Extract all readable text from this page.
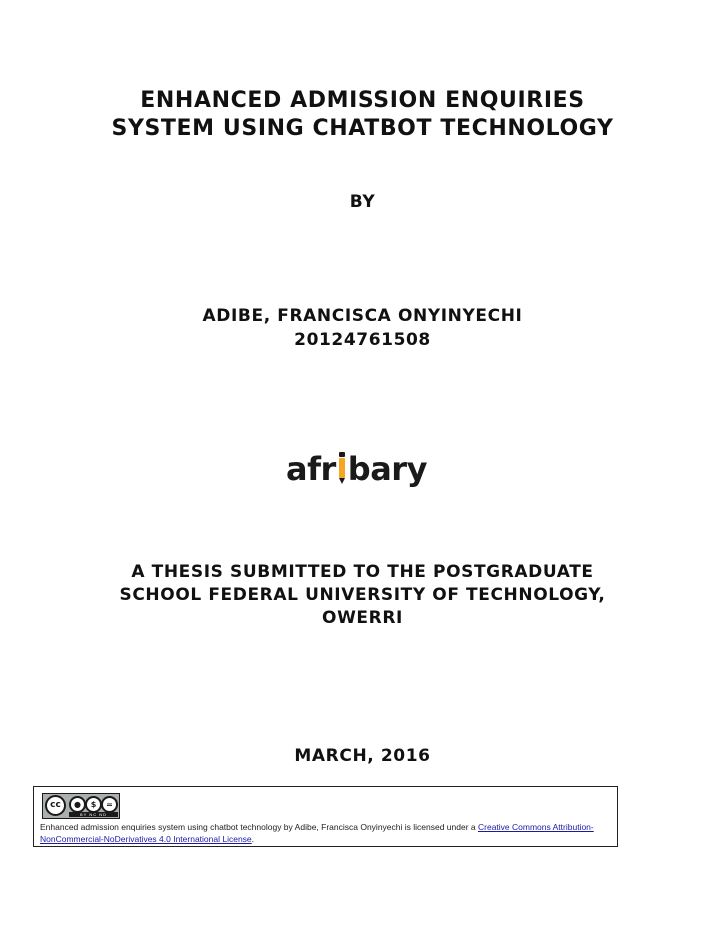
ENHANCED ADMISSION ENQUIRIES
SYSTEM USING CHATBOT TECHNOLOGY
BY
ADIBE, FRANCISCA ONYINYECHI
20124761508
afr bary
A THESIS SUBMITTED TO THE POSTGRADUATE
SCHOOL FEDERAL UNIVERSITY OF TECHNOLOGY,
OWERRI
MARCH, 2016
cc	●	$	=
BY NC ND
Enhanced admission enquiries system using chatbot technology by Adibe, Francisca Onyinyechi is licensed under a Creative Commons Attribution-NonCommercial-NoDerivatives 4.0 International License.
